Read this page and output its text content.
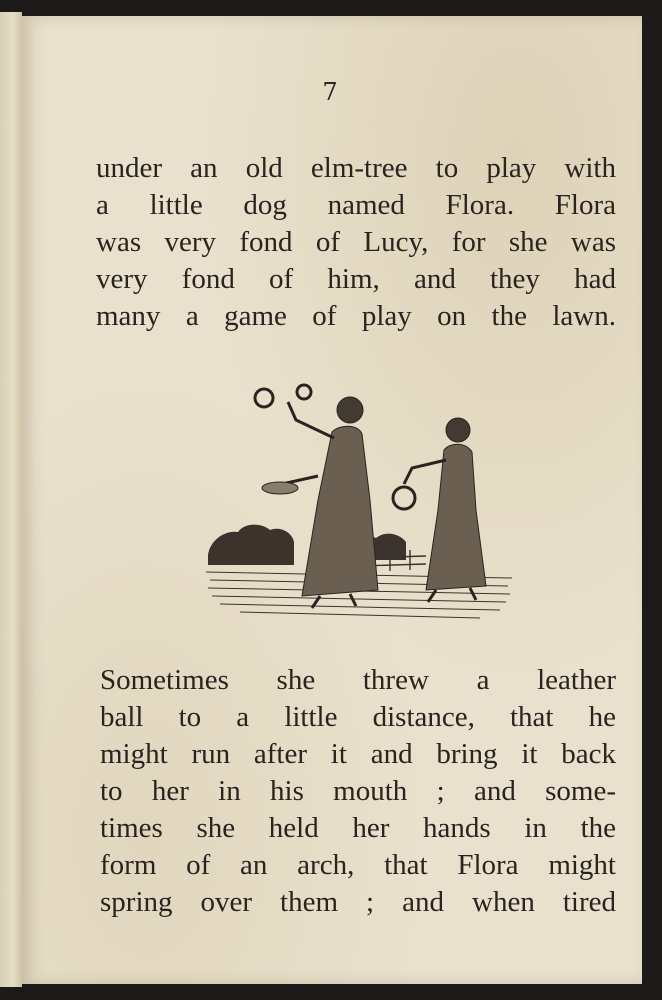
7
under an old elm-tree to play with
a little dog named Flora. Flora
was very fond of Lucy, for she was
very fond of him, and they had
many a game of play on the lawn.
Sometimes she threw a leather
ball to a little distance, that he
might run after it and bring it back
to her in his mouth ; and some-
times she held her hands in the
form of an arch, that Flora might
spring over them ; and when tired
